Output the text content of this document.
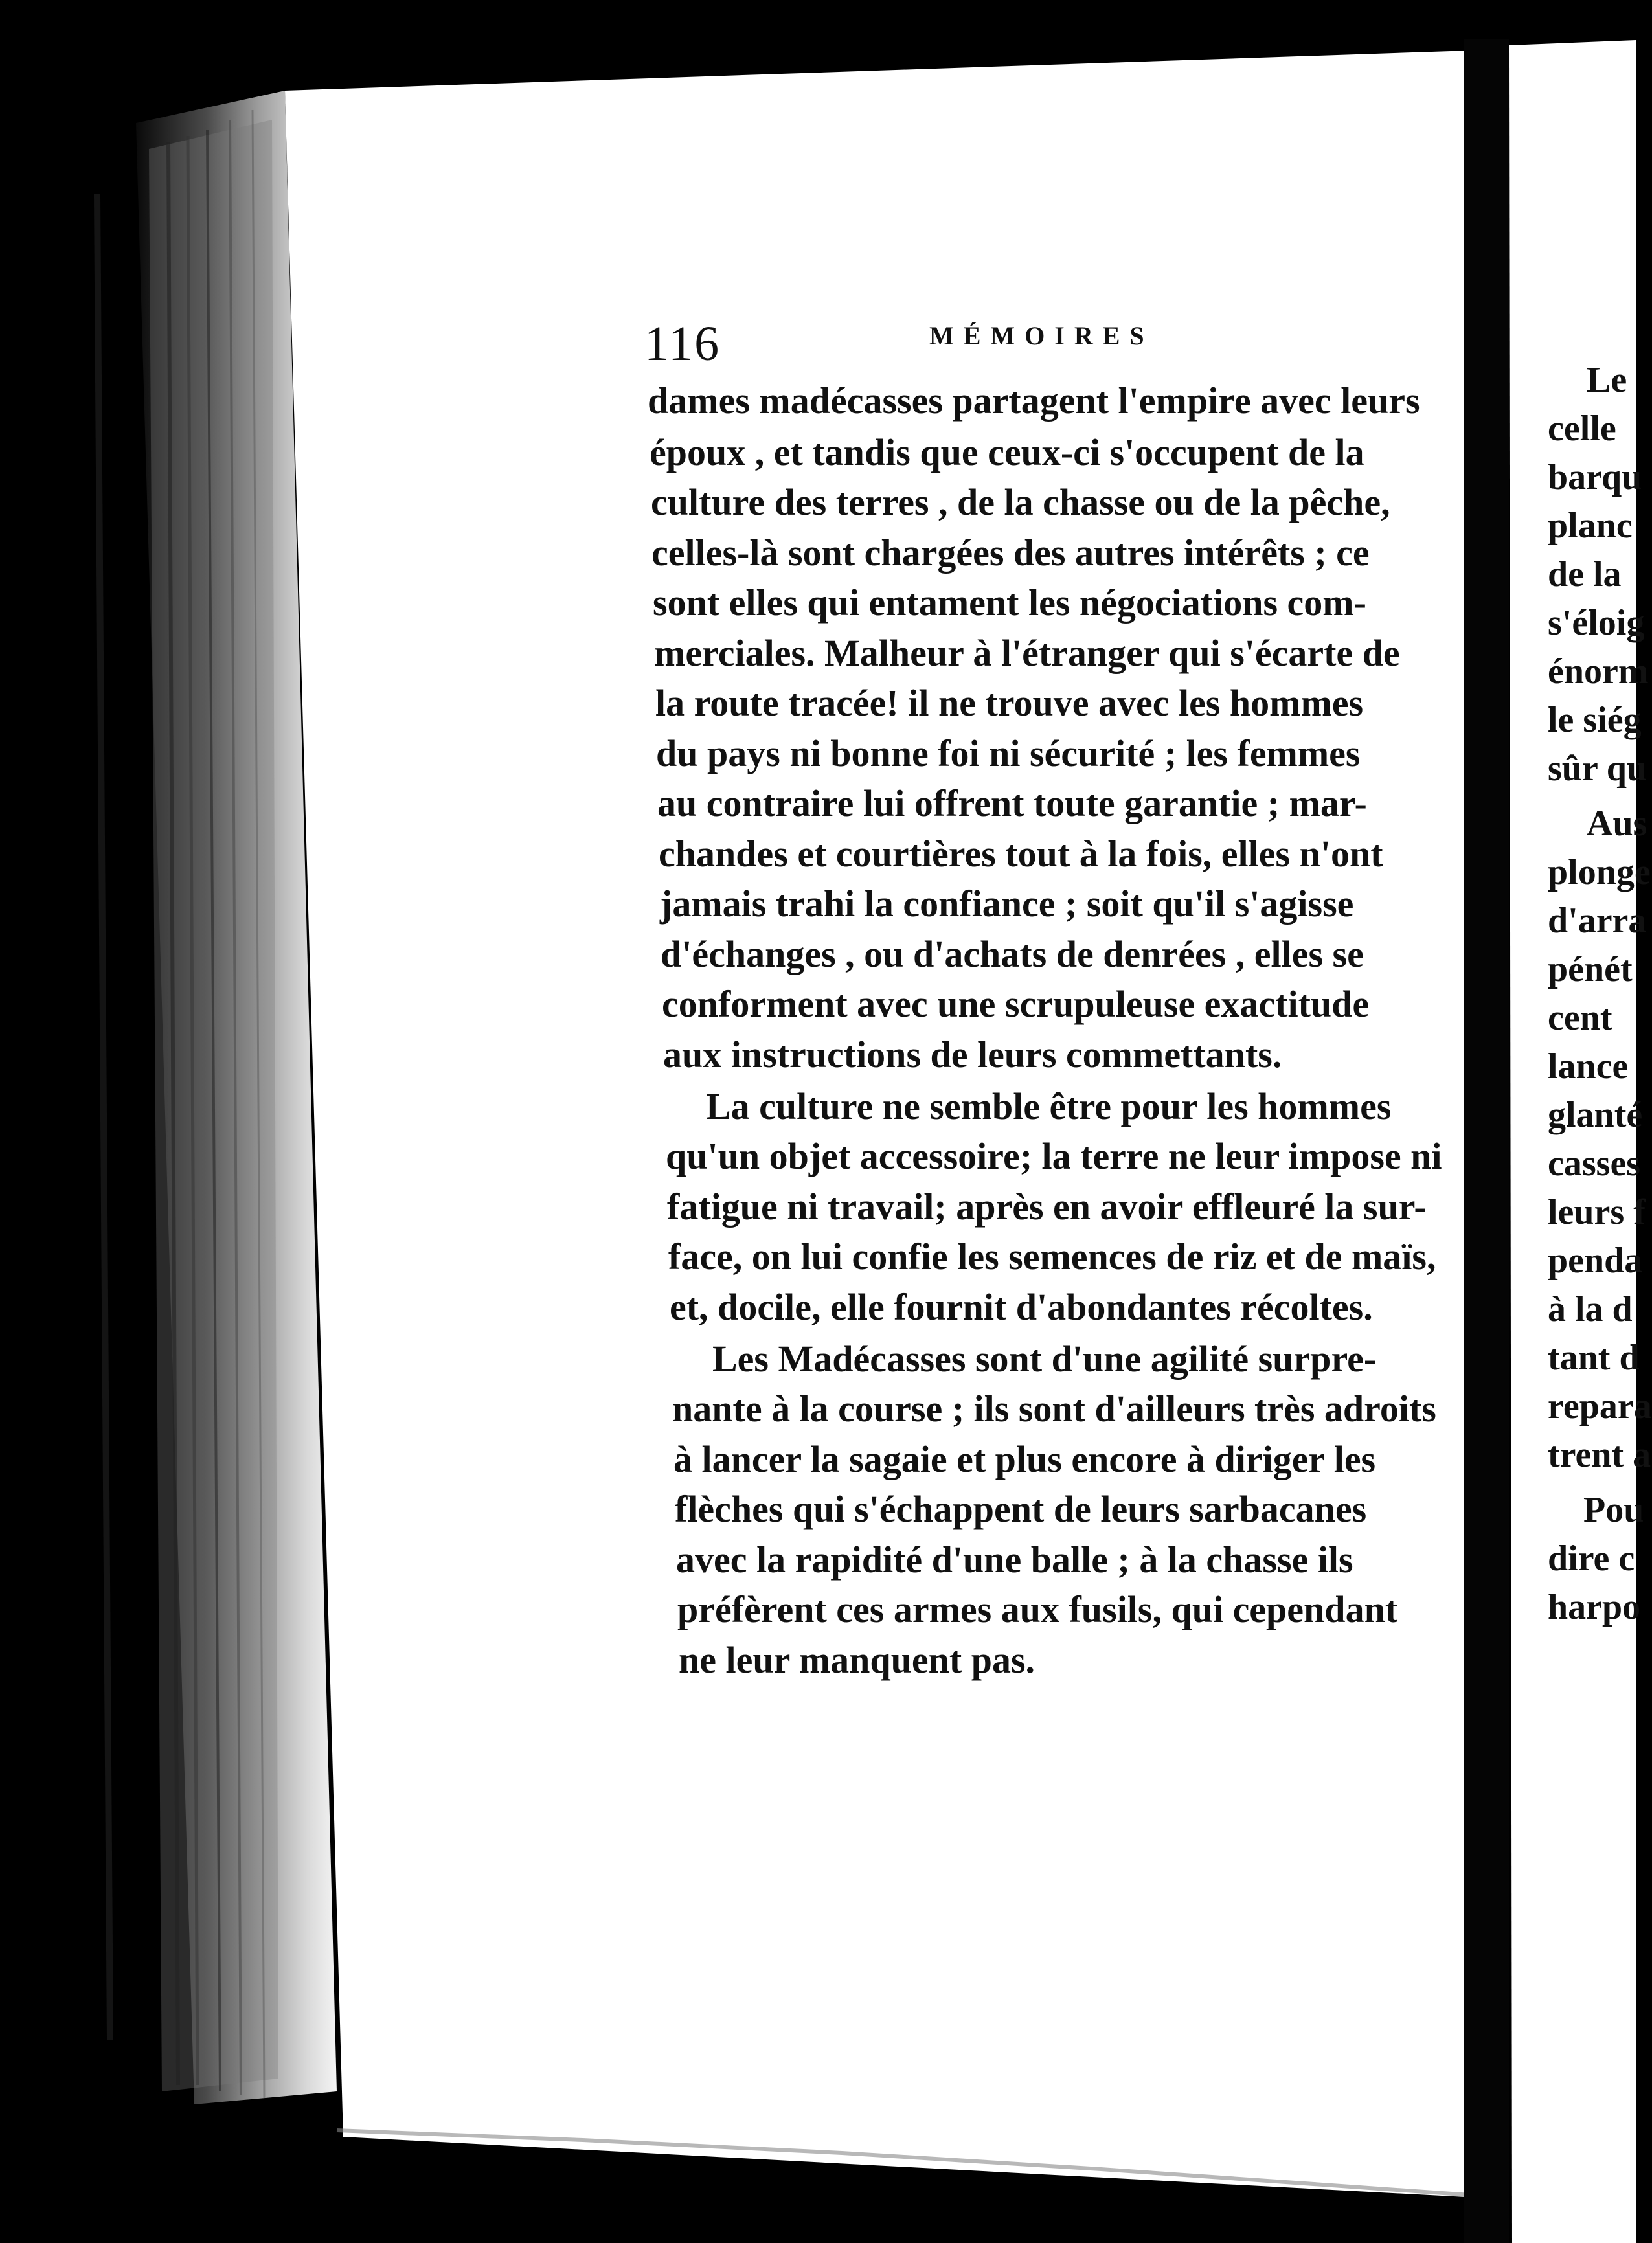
116	MÉMOIRES

dames madécasses partagent l'empire avec leurs

époux , et tandis que ceux-ci s'occupent de la

culture des terres , de la chasse ou de la pêche,

celles-là sont chargées des autres intérêts ; ce

sont elles qui entament les négociations com-

merciales. Malheur à l'étranger qui s'écarte de

la route tracée! il ne trouve avec les hommes

du pays ni bonne foi ni sécurité ; les femmes

au contraire lui offrent toute garantie ; mar-

chandes et courtières tout à la fois, elles n'ont

jamais trahi la confiance ; soit qu'il s'agisse

d'échanges , ou d'achats de denrées , elles se

conforment avec une scrupuleuse exactitude

aux instructions de leurs commettants.

La culture ne semble être pour les hommes

qu'un objet accessoire; la terre ne leur impose ni

fatigue ni travail; après en avoir effleuré la sur-

face, on lui confie les semences de riz et de maïs,

et, docile, elle fournit d'abondantes récoltes.

Les Madécasses sont d'une agilité surpre-

nante à la course ; ils sont d'ailleurs très adroits

à lancer la sagaie et plus encore à diriger les

flèches qui s'échappent de leurs sarbacanes

avec la rapidité d'une balle ; à la chasse ils

préfèrent ces armes aux fusils, qui cependant

ne leur manquent pas.

Le

celle

barqu

planc

de la

s'éloig

énorm

le siég

sûr qu

Aus

plonge

d'arra

pénét

cent

lance

glanté

casses

leurs f

penda

à la d

tant d

repara

trent a

Pou

dire c

harpo
